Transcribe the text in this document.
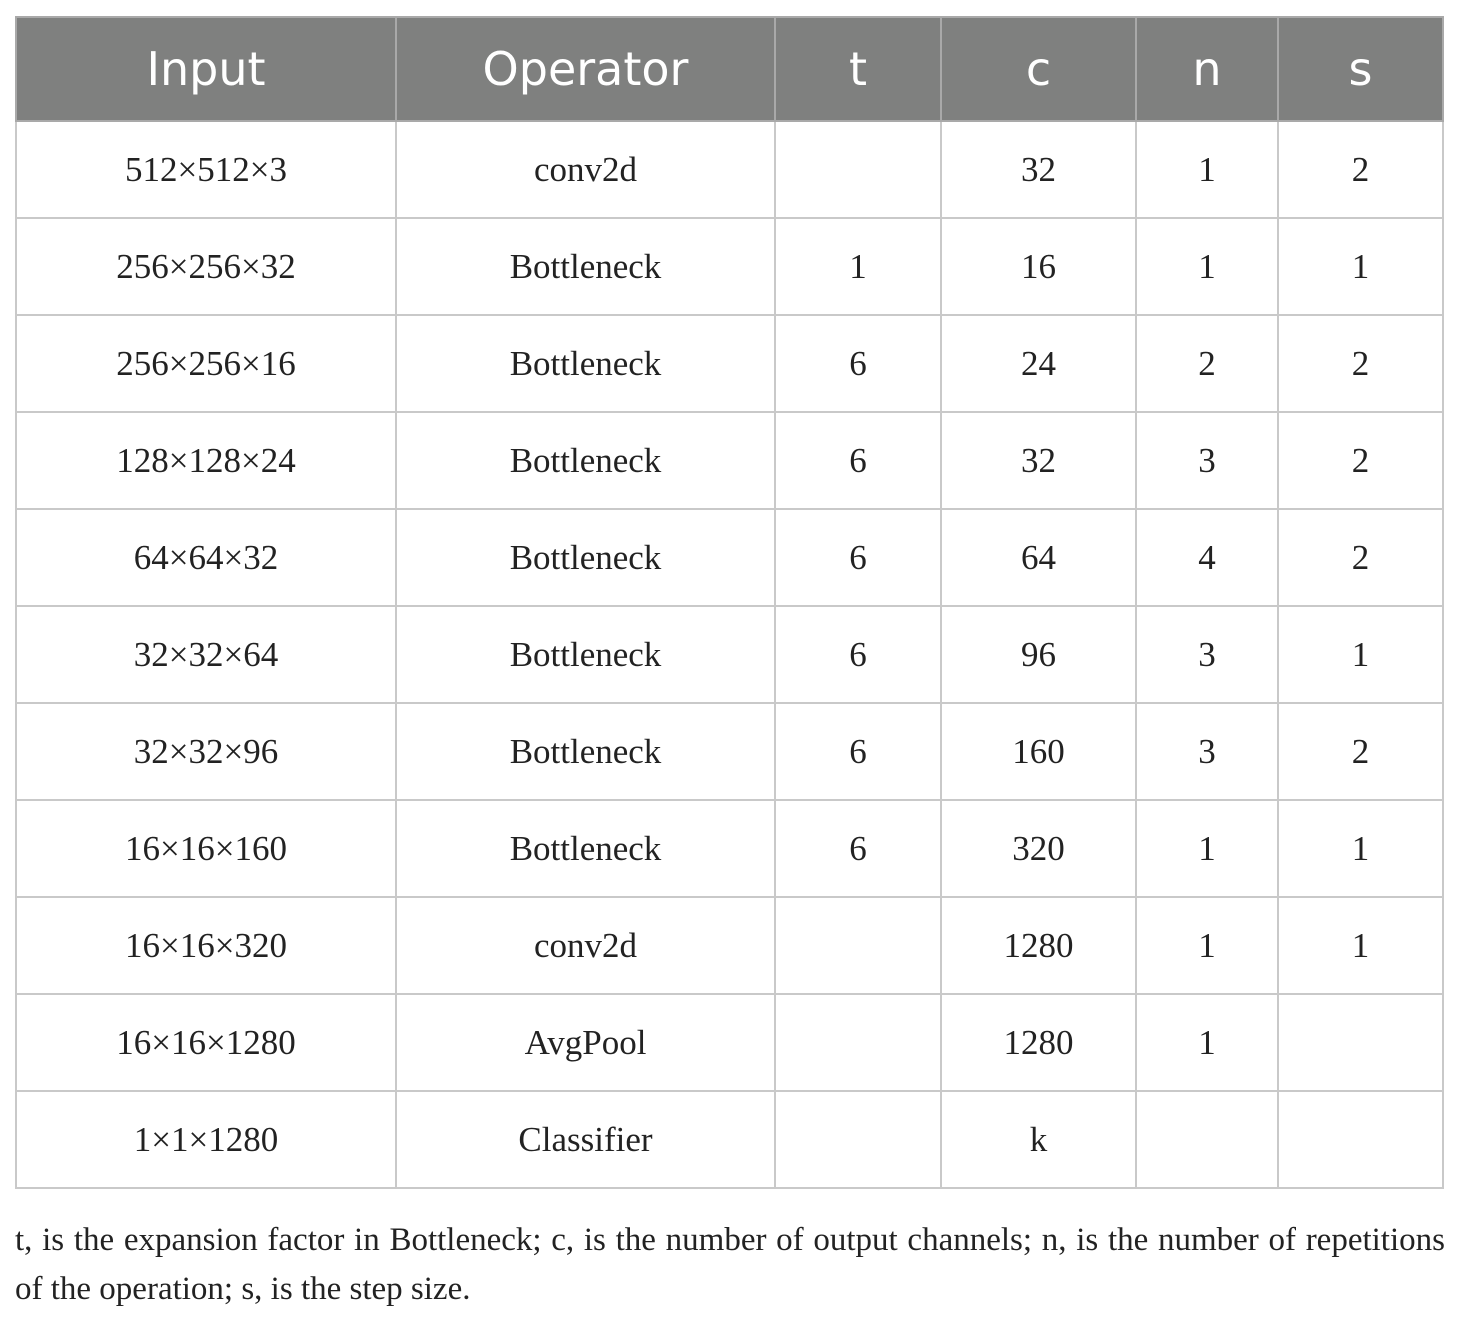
Input	Operator	t	c	n	s
512×512×3	conv2d		32	1	2
256×256×32	Bottleneck	1	16	1	1
256×256×16	Bottleneck	6	24	2	2
128×128×24	Bottleneck	6	32	3	2
64×64×32	Bottleneck	6	64	4	2
32×32×64	Bottleneck	6	96	3	1
32×32×96	Bottleneck	6	160	3	2
16×16×160	Bottleneck	6	320	1	1
16×16×320	conv2d		1280	1	1
16×16×1280	AvgPool		1280	1	
1×1×1280	Classifier		k		

t, is the expansion factor in Bottleneck; c, is the number of output channels; n, is the number of repetitions of the operation; s, is the step size.
